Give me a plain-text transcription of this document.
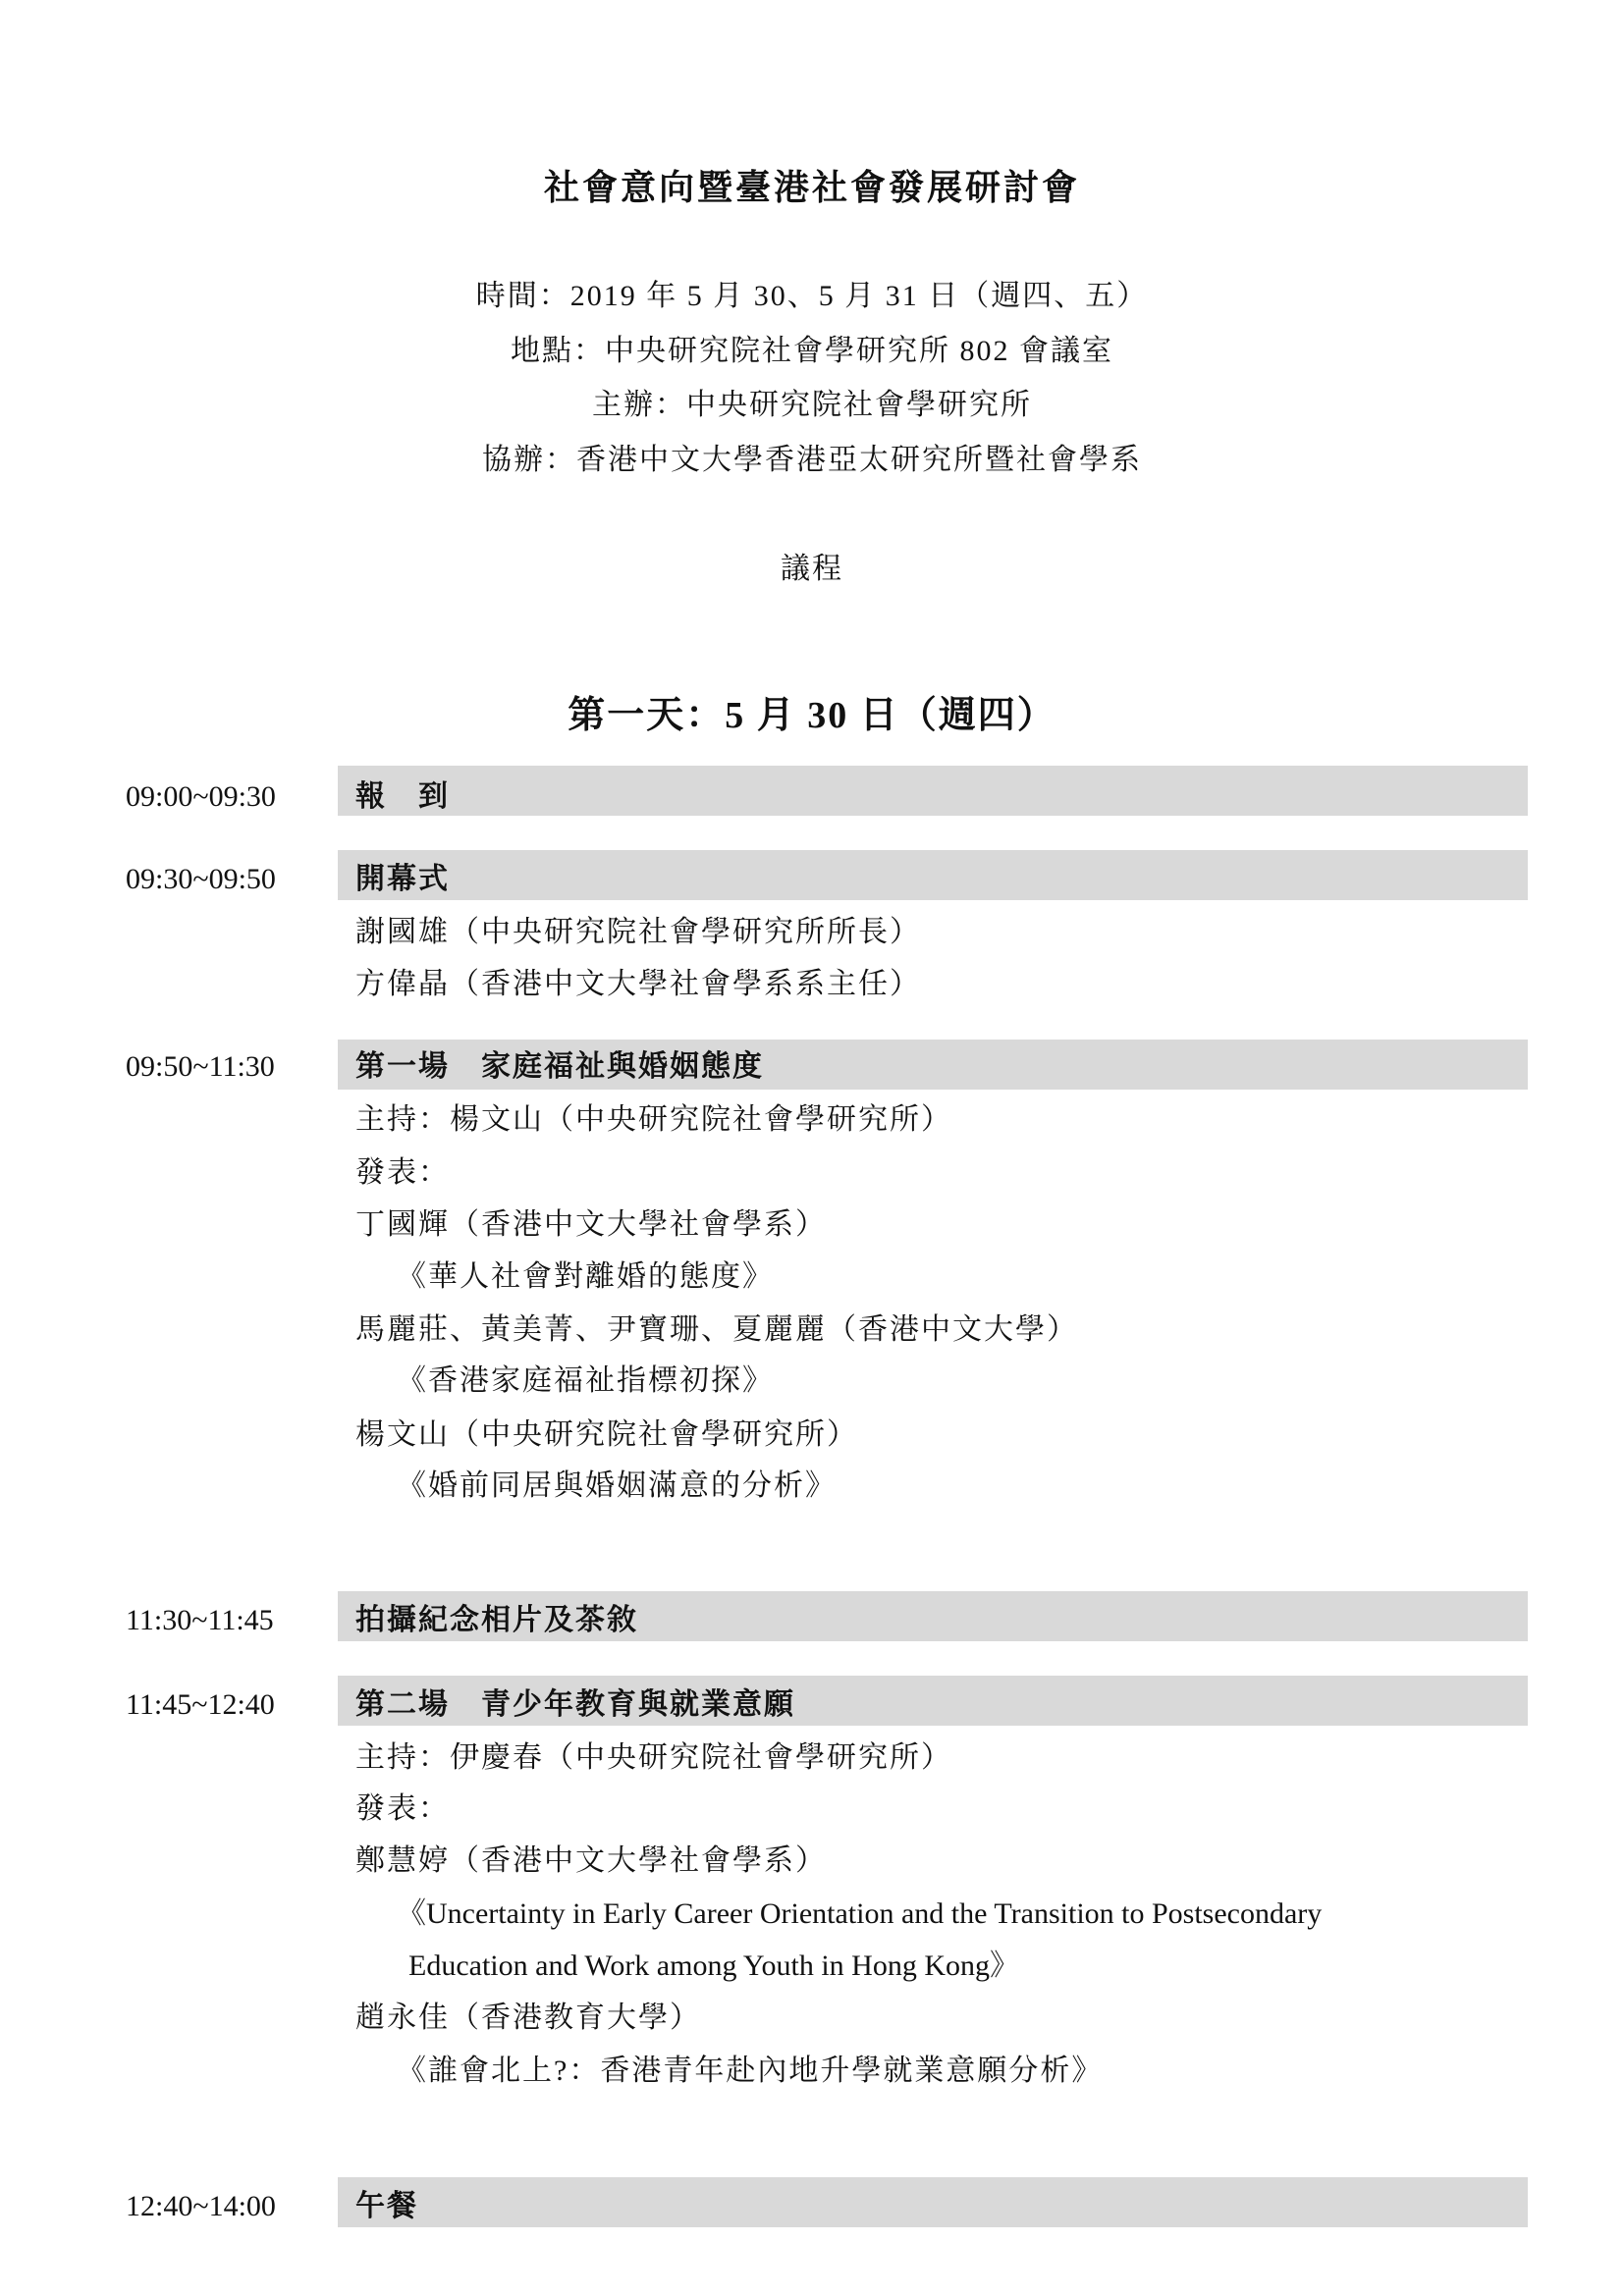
社會意向暨臺港社會發展研討會
時間：2019 年 5 月 30、5 月 31 日（週四、五）
地點：中央研究院社會學研究所 802 會議室
主辦：中央研究院社會學研究所
協辦：香港中文大學香港亞太研究所暨社會學系
議程
第一天：5 月 30 日（週四）
09:00~09:30	報　到
09:30~09:50	開幕式
謝國雄（中央研究院社會學研究所所長）
方偉晶（香港中文大學社會學系系主任）
09:50~11:30	第一場　家庭福祉與婚姻態度
主持：楊文山（中央研究院社會學研究所）
發表：
丁國輝（香港中文大學社會學系）
《華人社會對離婚的態度》
馬麗莊、黃美菁、尹寶珊、夏麗麗（香港中文大學）
《香港家庭福祉指標初探》
楊文山（中央研究院社會學研究所）
《婚前同居與婚姻滿意的分析》
11:30~11:45	拍攝紀念相片及茶敘
11:45~12:40	第二場　青少年教育與就業意願
主持：伊慶春（中央研究院社會學研究所）
發表：
鄭慧婷（香港中文大學社會學系）
《Uncertainty in Early Career Orientation and the Transition to Postsecondary
Education and Work among Youth in Hong Kong》
趙永佳（香港教育大學）
《誰會北上?：香港青年赴內地升學就業意願分析》
12:40~14:00	午餐
